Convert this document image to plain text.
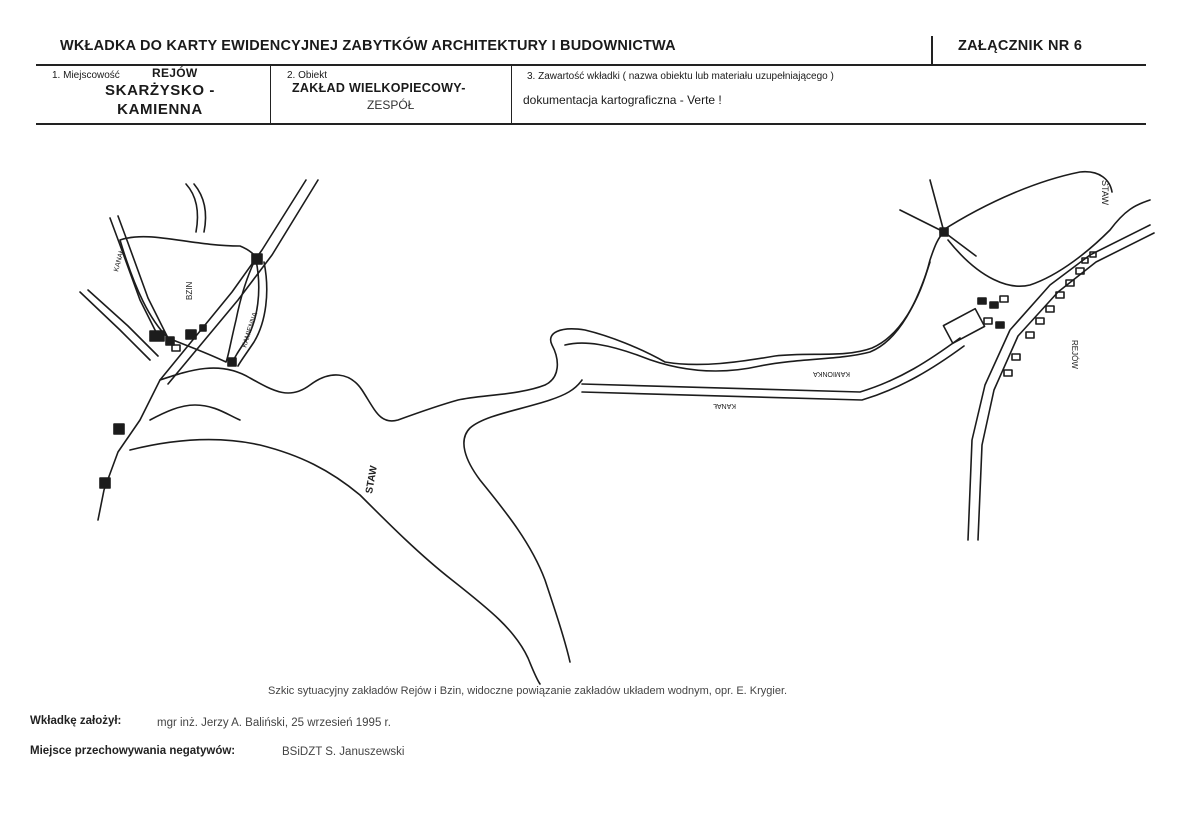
WKŁADKA DO KARTY EWIDENCYJNEJ ZABYTKÓW ARCHITEKTURY I BUDOWNICTWA	ZAŁĄCZNIK NR 6
1. Miejscowość	REJÓW
SKARŻYSKO -
KAMIENNA
2. Obiekt
ZAKŁAD WIELKOPIECOWY-
ZESPÓŁ
3. Zawartość wkładki ( nazwa obiektu lub materiału uzupełniającego )
dokumentacja kartograficzna - Verte !
KANAŁ
BZIN
KAMIENNA
STAW
KAMIONKA
KANAŁ
STAW
REJÓW
Szkic sytuacyjny zakładów Rejów i Bzin, widoczne powiązanie zakładów układem wodnym, opr. E. Krygier.
Wkładkę założył:	mgr inż. Jerzy A. Baliński, 25 wrzesień 1995 r.
Miejsce przechowywania negatywów:	BSiDZT S. Januszewski
